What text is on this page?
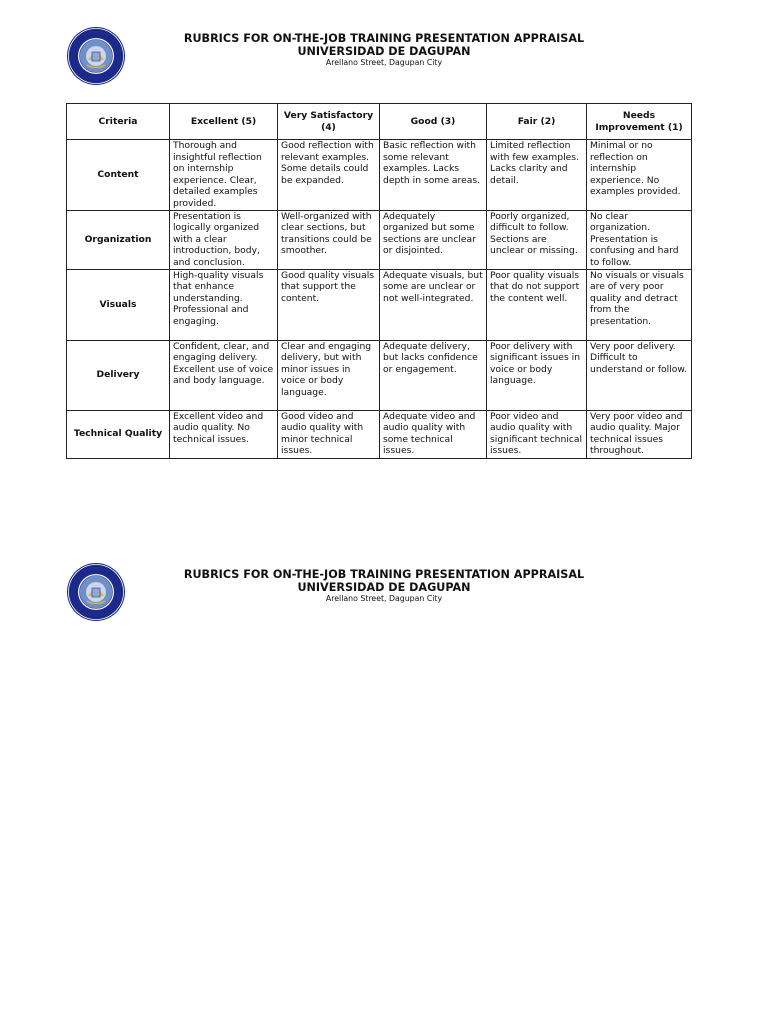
RUBRICS FOR ON-THE-JOB TRAINING PRESENTATION APPRAISAL
UNIVERSIDAD DE DAGUPAN
Arellano Street, Dagupan City
Criteria	Excellent (5)	Very Satisfactory (4)	Good (3)	Fair (2)	Needs Improvement (1)
Content	Thorough and insightful reflection on internship experience. Clear, detailed examples provided.	Good reflection with relevant examples. Some details could be expanded.	Basic reflection with some relevant examples. Lacks depth in some areas.	Limited reflection with few examples. Lacks clarity and detail.	Minimal or no reflection on internship experience. No examples provided.
Organization	Presentation is logically organized with a clear introduction, body, and conclusion.	Well-organized with clear sections, but transitions could be smoother.	Adequately organized but some sections are unclear or disjointed.	Poorly organized, difficult to follow. Sections are unclear or missing.	No clear organization. Presentation is confusing and hard to follow.
Visuals	High-quality visuals that enhance understanding. Professional and engaging.	Good quality visuals that support the content.	Adequate visuals, but some are unclear or not well-integrated.	Poor quality visuals that do not support the content well.	No visuals or visuals are of very poor quality and detract from the presentation.
Delivery	Confident, clear, and engaging delivery. Excellent use of voice and body language.	Clear and engaging delivery, but with minor issues in voice or body language.	Adequate delivery, but lacks confidence or engagement.	Poor delivery with significant issues in voice or body language.	Very poor delivery. Difficult to understand or follow.
Technical Quality	Excellent video and audio quality. No technical issues.	Good video and audio quality with minor technical issues.	Adequate video and audio quality with some technical issues.	Poor video and audio quality with significant technical issues.	Very poor video and audio quality. Major technical issues throughout.
RUBRICS FOR ON-THE-JOB TRAINING PRESENTATION APPRAISAL
UNIVERSIDAD DE DAGUPAN
Arellano Street, Dagupan City
